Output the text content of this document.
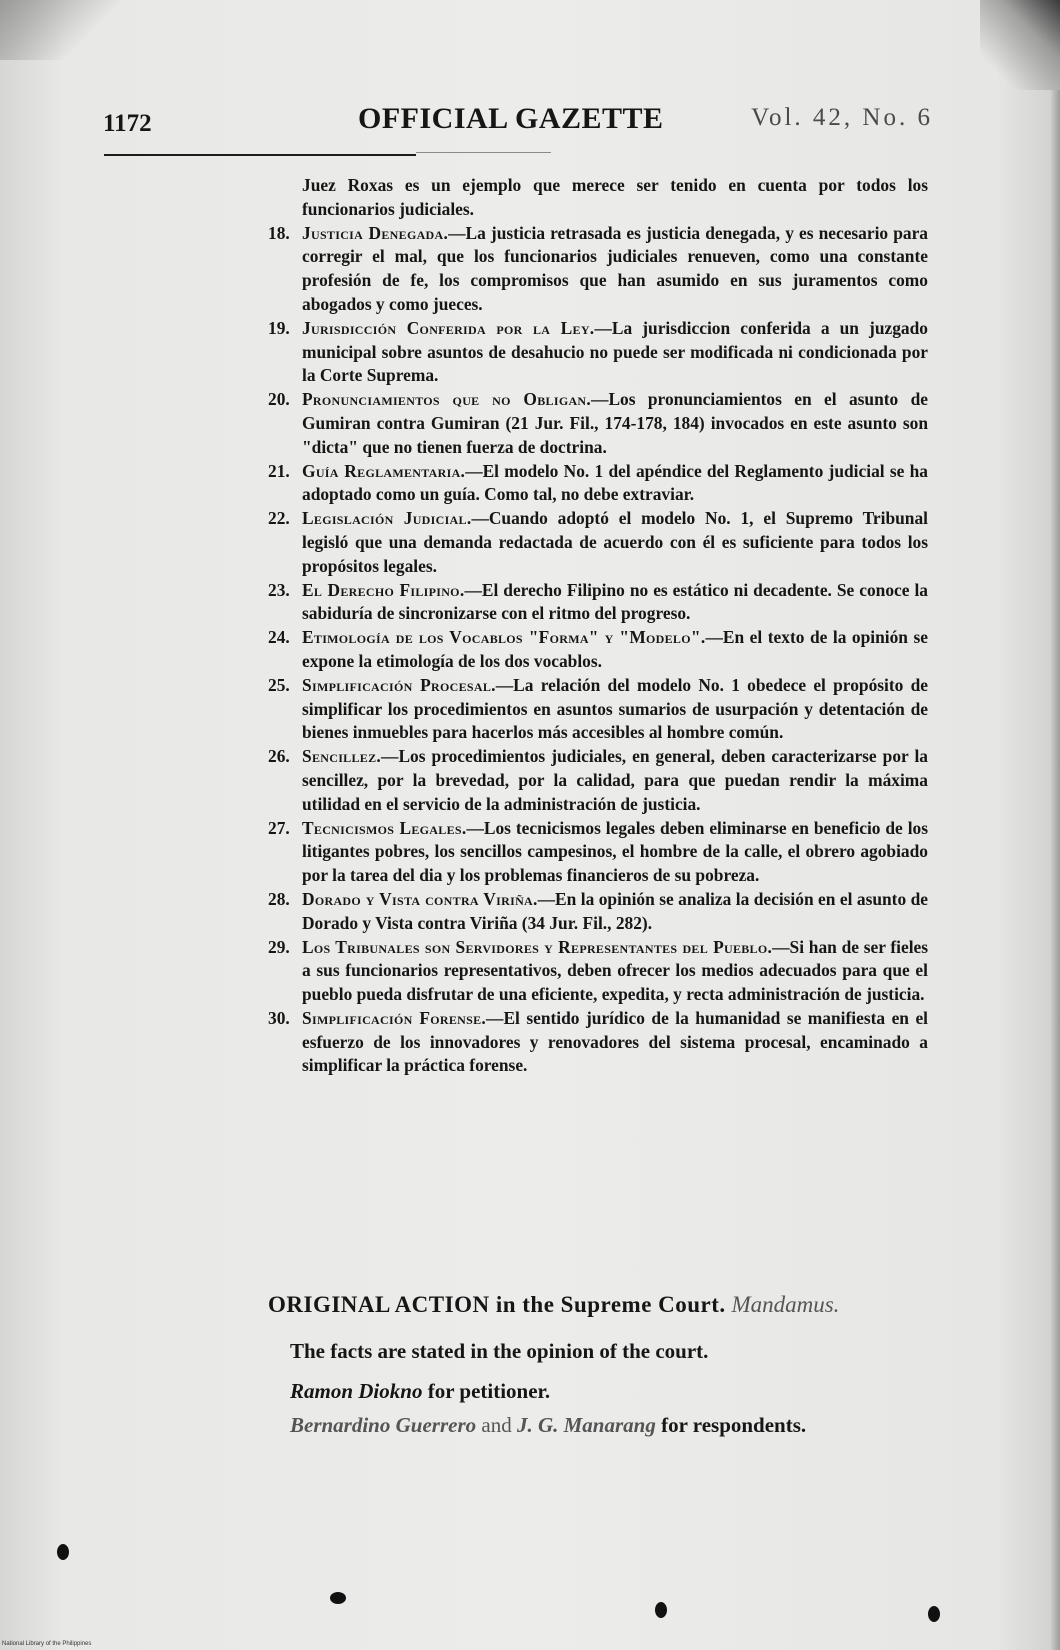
1172	OFFICIAL GAZETTE	Vol. 42, No. 6
Juez Roxas es un ejemplo que merece ser tenido en cuenta por todos los funcionarios judiciales.
18. Justicia Denegada.—La justicia retrasada es justicia denegada, y es necesario para corregir el mal, que los funcionarios judiciales renueven, como una constante profesión de fe, los compromisos que han asumido en sus juramentos como abogados y como jueces.
19. Jurisdicción Conferida por la Ley.—La jurisdiccion conferida a un juzgado municipal sobre asuntos de desahucio no puede ser modificada ni condicionada por la Corte Suprema.
20. Pronunciamientos que no Obligan.—Los pronunciamientos en el asunto de Gumiran contra Gumiran (21 Jur. Fil., 174-178, 184) invocados en este asunto son "dicta" que no tienen fuerza de doctrina.
21. Guía Reglamentaria.—El modelo No. 1 del apéndice del Reglamento judicial se ha adoptado como un guía. Como tal, no debe extraviar.
22. Legislación Judicial.—Cuando adoptó el modelo No. 1, el Supremo Tribunal legisló que una demanda redactada de acuerdo con él es suficiente para todos los propósitos legales.
23. El Derecho Filipino.—El derecho Filipino no es estático ni decadente. Se conoce la sabiduría de sincronizarse con el ritmo del progreso.
24. Etimología de los Vocablos "Forma" y "Modelo".—En el texto de la opinión se expone la etimología de los dos vocablos.
25. Simplificación Procesal.—La relación del modelo No. 1 obedece el propósito de simplificar los procedimientos en asuntos sumarios de usurpación y detentación de bienes inmuebles para hacerlos más accesibles al hombre común.
26. Sencillez.—Los procedimientos judiciales, en general, deben caracterizarse por la sencillez, por la brevedad, por la calidad, para que puedan rendir la máxima utilidad en el servicio de la administración de justicia.
27. Tecnicismos Legales.—Los tecnicismos legales deben eliminarse en beneficio de los litigantes pobres, los sencillos campesinos, el hombre de la calle, el obrero agobiado por la tarea del dia y los problemas financieros de su pobreza.
28. Dorado y Vista contra Viriña.—En la opinión se analiza la decisión en el asunto de Dorado y Vista contra Viriña (34 Jur. Fil., 282).
29. Los Tribunales son Servidores y Representantes del Pueblo.—Si han de ser fieles a sus funcionarios representativos, deben ofrecer los medios adecuados para que el pueblo pueda disfrutar de una eficiente, expedita, y recta administración de justicia.
30. Simplificación Forense.—El sentido jurídico de la humanidad se manifiesta en el esfuerzo de los innovadores y renovadores del sistema procesal, encaminado a simplificar la práctica forense.
ORIGINAL ACTION in the Supreme Court. Mandamus.
The facts are stated in the opinion of the court.
Ramon Diokno for petitioner.
Bernardino Guerrero and J. G. Manarang for respondents.
National Library of the Philippines
